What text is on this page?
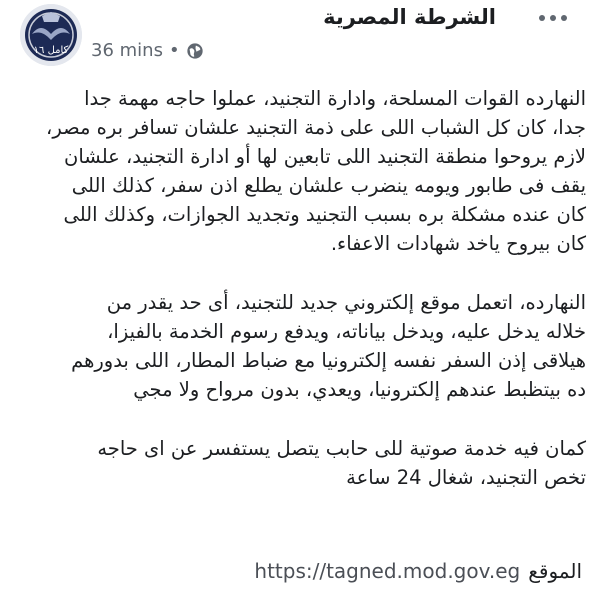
ﻛﺎﻣﻞ ١٦
الشرطة المصرية
36 mins •
النهارده القوات المسلحة، وادارة التجنيد، عملوا حاجه مهمة جدا
جدا، كان كل الشباب اللى على ذمة التجنيد علشان تسافر بره مصر،
لازم يروحوا منطقة التجنيد اللى تابعين لها أو ادارة التجنيد، علشان
يقف فى طابور ويومه ينضرب علشان يطلع اذن سفر، كذلك اللى
كان عنده مشكلة بره بسبب التجنيد وتجديد الجوازات، وكذلك اللى
كان بيروح ياخد شهادات الاعفاء.
النهارده، اتعمل موقع إلكتروني جديد للتجنيد، أى حد يقدر من
خلاله يدخل عليه، ويدخل بياناته، ويدفع رسوم الخدمة بالفيزا،
هيلاقى إذن السفر نفسه إلكترونيا مع ضباط المطار، اللى بدورهم
ده بيتظبط عندهم إلكترونيا، ويعدي، بدون مرواح ولا مجي
كمان فيه خدمة صوتية للى حابب يتصل يستفسر عن اى حاجه
تخص التجنيد، شغال 24 ساعة
الموقع
https://tagned.mod.gov.eg
